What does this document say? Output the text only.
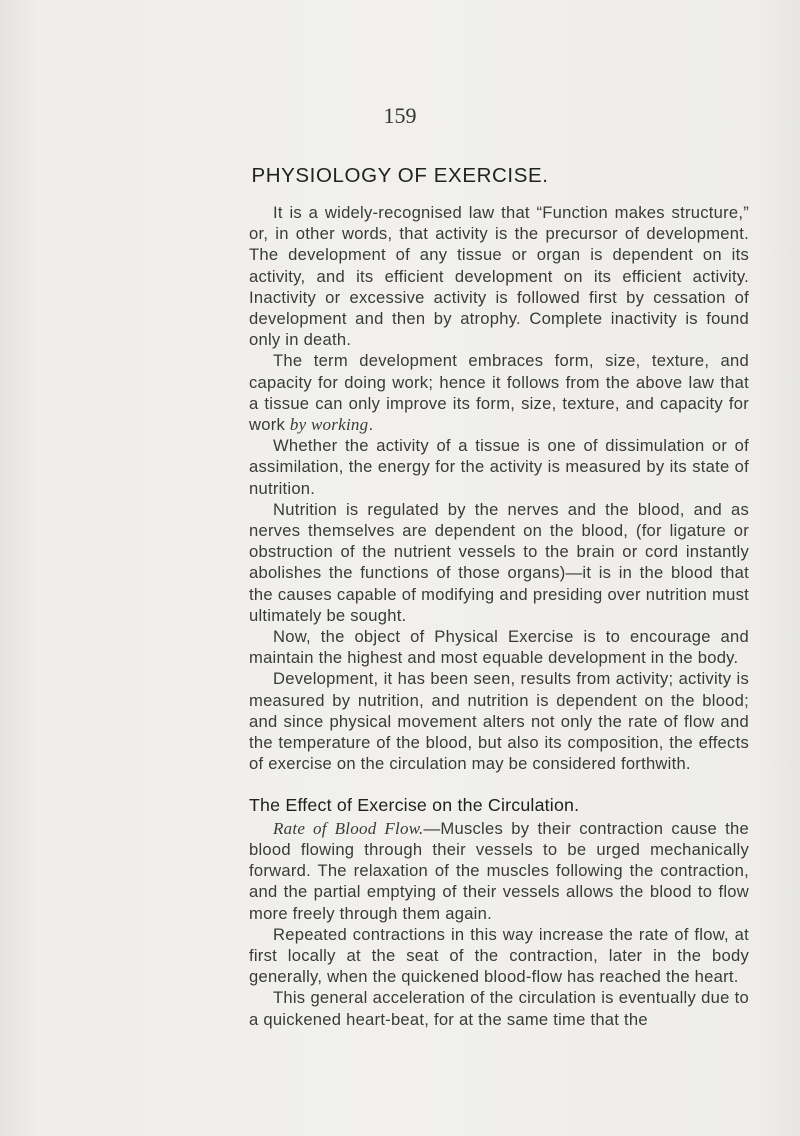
159
PHYSIOLOGY OF EXERCISE.

It is a widely-recognised law that “Function makes structure,” or, in other words, that activity is the precursor of development. The development of any tissue or organ is dependent on its activity, and its efficient development on its efficient activity. Inactivity or excessive activity is followed first by cessation of development and then by atrophy. Complete inactivity is found only in death.

The term development embraces form, size, texture, and capacity for doing work; hence it follows from the above law that a tissue can only improve its form, size, texture, and capacity for work by working.

Whether the activity of a tissue is one of dissimulation or of assimilation, the energy for the activity is measured by its state of nutrition.

Nutrition is regulated by the nerves and the blood, and as nerves themselves are dependent on the blood, (for ligature or obstruction of the nutrient vessels to the brain or cord instantly abolishes the functions of those organs)—it is in the blood that the causes capable of modifying and presiding over nutrition must ultimately be sought.

Now, the object of Physical Exercise is to encourage and maintain the highest and most equable development in the body.

Development, it has been seen, results from activity; activity is measured by nutrition, and nutrition is dependent on the blood; and since physical movement alters not only the rate of flow and the temperature of the blood, but also its composition, the effects of exercise on the circulation may be considered forthwith.

The Effect of Exercise on the Circulation.

Rate of Blood Flow.—Muscles by their contraction cause the blood flowing through their vessels to be urged mechanically forward. The relaxation of the muscles following the contraction, and the partial emptying of their vessels allows the blood to flow more freely through them again.

Repeated contractions in this way increase the rate of flow, at first locally at the seat of the contraction, later in the body generally, when the quickened blood-flow has reached the heart.

This general acceleration of the circulation is eventually due to a quickened heart-beat, for at the same time that the
